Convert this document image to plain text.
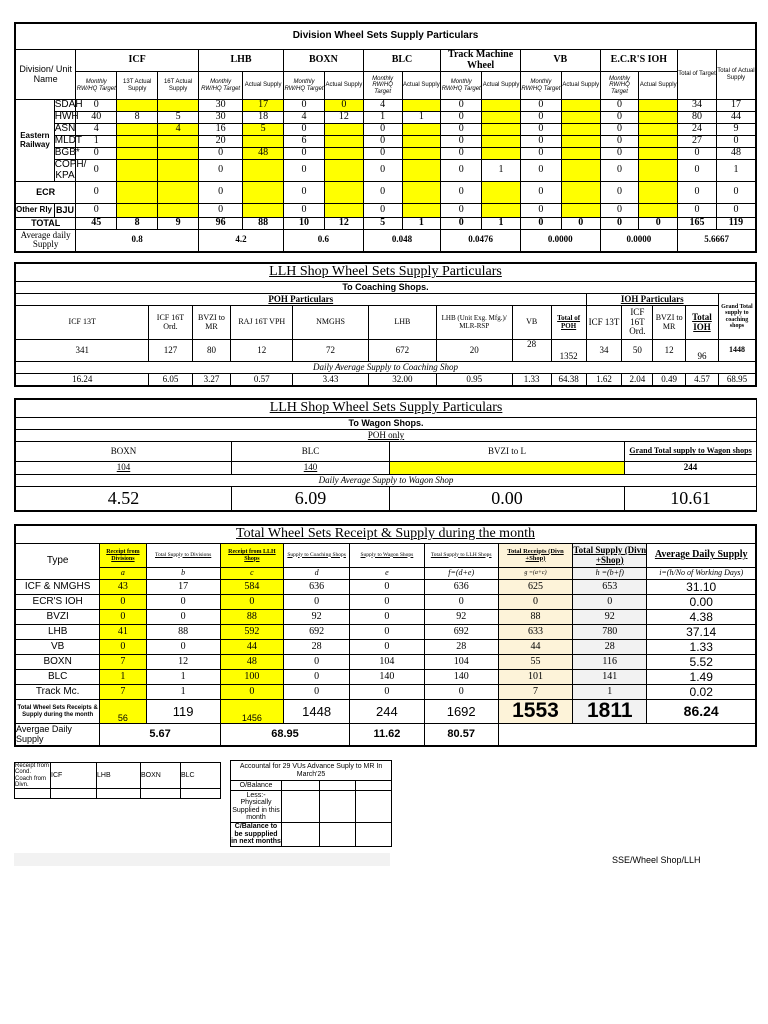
Division Wheel Sets Supply Particulars																		
Division/ Unit Name		ICF			LHB		BOXN		BLC		Track Machine Wheel		VB		E.C.R'S IOH		Total of Target	Total of Actual Supply
		Monthly RW/HQ Target	13T Actual Supply	16T Actual Supply	Monthly RW/HQ Target	Actual Supply	Monthly RW/HQ Target	Actual Supply	Monthly RW/HQ Target	Actual Supply	Monthly RW/HQ Target	Actual Supply	Monthly RW/HQ Target	Actual Supply	Monthly RW/HQ Target	Actual Supply		
Eastern Railway	SDAH	0			30	17	0	0	4		0		0		0		34	17
	HWH	40	8	5	30	18	4	12	1	1	0		0		0		80	44
	ASN	4		4	16	5	0		0		0		0		0		24	9
	MLDT	1			20		6		0		0		0		0		27	0
	BGB*	0			0	48	0		0		0		0		0		0	48
	COPH/ KPA	0			0		0		0		0	1	0		0		0	1
ECR		0			0		0		0		0		0		0		0	0
Other Rly	BJU	0			0		0		0		0		0		0		0	0
TOTAL		45	8	9	96	88	10	12	5	1	0	1	0	0	0	0	165	119
Average daily Supply		0.8			4.2		0.6		0.048		0.0476		0.0000		0.0000		5.6667	
LLH Shop Wheel Sets Supply Particulars													
To Coaching Shops.													
POH Particulars									IOH Particulars				Grand Total supply to coaching shops
ICF 13T	ICF 16T Ord.	BVZI to MR	RAJ 16T VPH	NMGHS	LHB	LHB (Unit Exg. Mfg.)/ MLR-RSP	VB	Total of POH	ICF 13T	ICF 16T Ord.	BVZI to MR	Total IOH	
341	127	80	12	72	672	20	28	1352	34	50	12	96	1448
Daily Average Supply to Coaching Shop													
16.24	6.05	3.27	0.57	3.43	32.00	0.95	1.33	64.38	1.62	2.04	0.49	4.57	68.95
LLH Shop Wheel Sets Supply Particulars			
To Wagon Shops.			
POH only			
BOXN	BLC	BVZI to L	Grand Total supply to Wagon shops
104	140		244
Daily Average Supply to Wagon Shop			
4.52	6.09	0.00	10.61
Total Wheel Sets Receipt & Supply during the month									
Type	Receipt from Divisions	Total Supply to Divisions	Receipt from LLH Shops	Supply to Coaching Shops	Supply to Wagon Shops	Total Supply to LLH Shops	Total Receipts (Divn +Shop)	Total Supply (Divn +Shop)	Average Daily Supply
	a	b	c	d	e	f=(d+e)	g =(a+c)	h =(b+f)	i=(h/No of Working Days)
ICF & NMGHS	43	17	584	636	0	636	625	653	31.10
ECR'S IOH	0	0	0	0	0	0	0	0	0.00
BVZI	0	0	88	92	0	92	88	92	4.38
LHB	41	88	592	692	0	692	633	780	37.14
VB	0	0	44	28	0	28	44	28	1.33
BOXN	7	12	48	0	104	104	55	116	5.52
BLC	1	1	100	0	140	140	101	141	1.49
Track Mc.	7	1	0	0	0	0	7	1	0.02
Total Wheel Sets Receipts & Supply during the month	56	119	1456	1448	244	1692	1553	1811	86.24
Avergae Daily Supply	5.67		68.95		11.62	80.57			
Receipt from Cond. Coach from Divn.	ICF	LHB	BOXN	BLC

Accountal for 29 VUs Advance Suply to MR In March'25			
O/Balance			
Less:- Physically Supplied in this month			
C/Balance to be suppplied in next months			
SSE/Wheel Shop/LLH
